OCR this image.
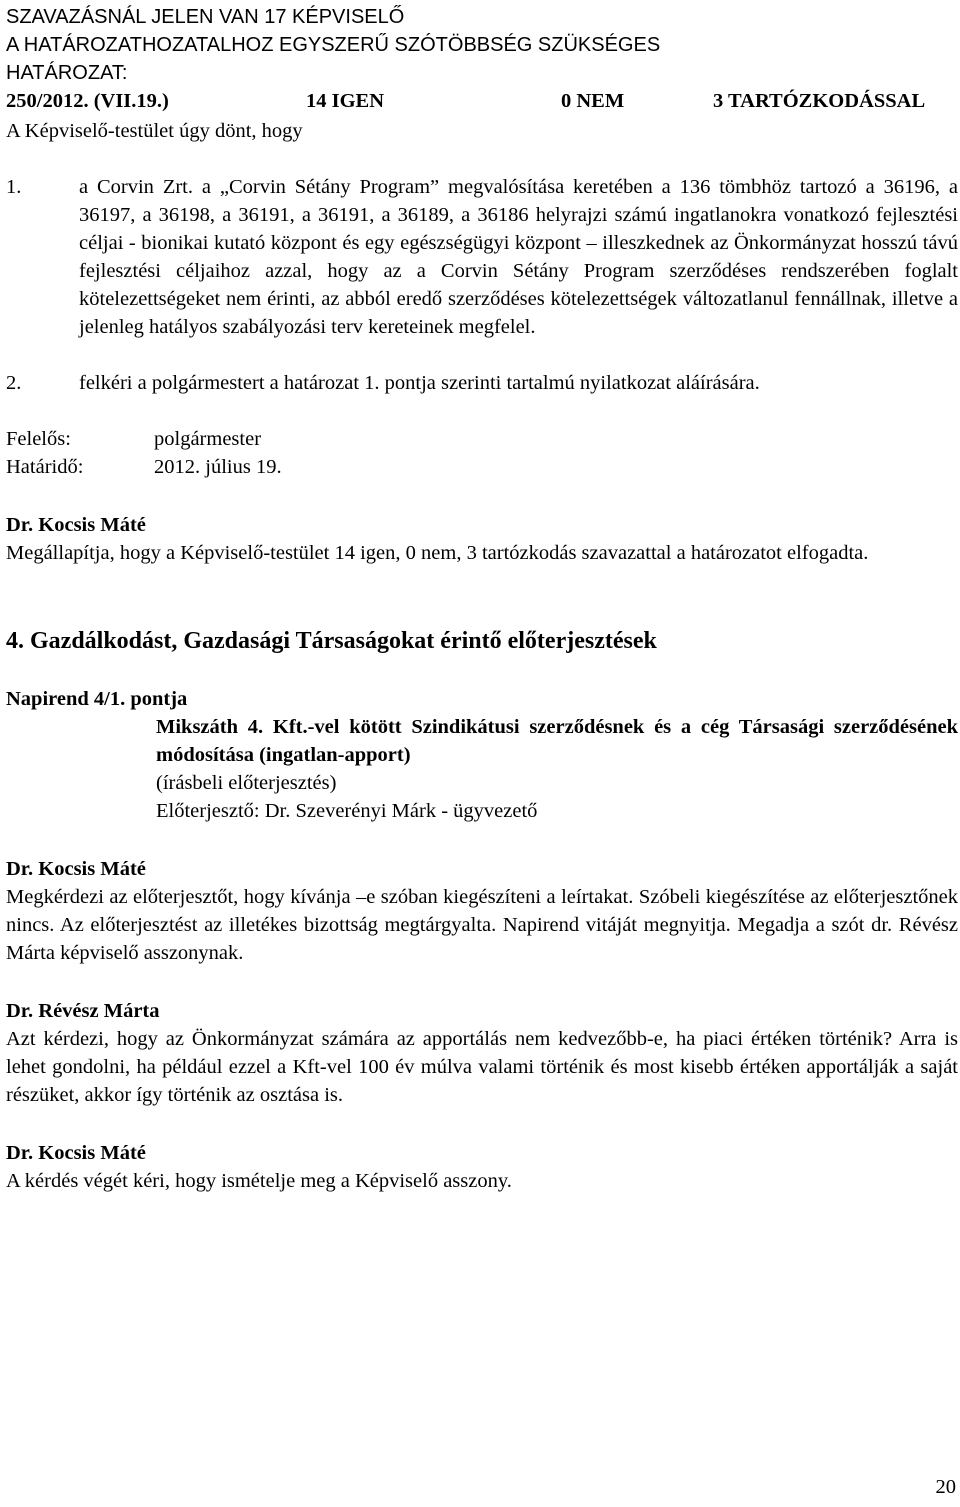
SZAVAZÁSNÁL JELEN VAN 17 KÉPVISELŐ

A HATÁROZATHOZATALHOZ EGYSZERŰ SZÓTÖBBSÉG SZÜKSÉGES

HATÁROZAT:

250/2012. (VII.19.)	14 IGEN	0 NEM	3 TARTÓZKODÁSSAL

A Képviselő-testület úgy dönt, hogy

1.	a Corvin Zrt. a „Corvin Sétány Program” megvalósítása keretében a 136 tömbhöz tartozó a 36196, a 36197, a 36198, a 36191, a 36191, a 36189, a 36186 helyrajzi számú ingatlanokra vonatkozó fejlesztési céljai - bionikai kutató központ és egy egészségügyi központ – illeszkednek az Önkormányzat hosszú távú fejlesztési céljaihoz azzal, hogy az a Corvin Sétány Program szerződéses rendszerében foglalt kötelezettségeket nem érinti, az abból eredő szerződéses kötelezettségek változatlanul fennállnak, illetve a jelenleg hatályos szabályozási terv kereteinek megfelel.
2.	felkéri a polgármestert a határozat 1. pontja szerinti tartalmú nyilatkozat aláírására.
Felelős:	polgármester
Határidő:	2012. július 19.

Dr. Kocsis Máté

Megállapítja, hogy a Képviselő-testület 14 igen, 0 nem, 3 tartózkodás szavazattal a határozatot elfogadta.

4. Gazdálkodást, Gazdasági Társaságokat érintő előterjesztések

Napirend 4/1. pontja

Mikszáth 4. Kft.-vel kötött Szindikátusi szerződésnek és a cég Társasági szerződésének módosítása (ingatlan-apport)

(írásbeli előterjesztés)

Előterjesztő: Dr. Szeverényi Márk - ügyvezető

Dr. Kocsis Máté

Megkérdezi az előterjesztőt, hogy kívánja –e szóban kiegészíteni a leírtakat. Szóbeli kiegészítése az előterjesztőnek nincs. Az előterjesztést az illetékes bizottság megtárgyalta. Napirend vitáját megnyitja. Megadja a szót dr. Révész Márta képviselő asszonynak.

Dr. Révész Márta

Azt kérdezi, hogy az Önkormányzat számára az apportálás nem kedvezőbb-e, ha piaci értéken történik? Arra is lehet gondolni, ha például ezzel a Kft-vel 100 év múlva valami történik és most kisebb értéken apportálják a saját részüket, akkor így történik az osztása is.

Dr. Kocsis Máté

A kérdés végét kéri, hogy ismételje meg a Képviselő asszony.

20
